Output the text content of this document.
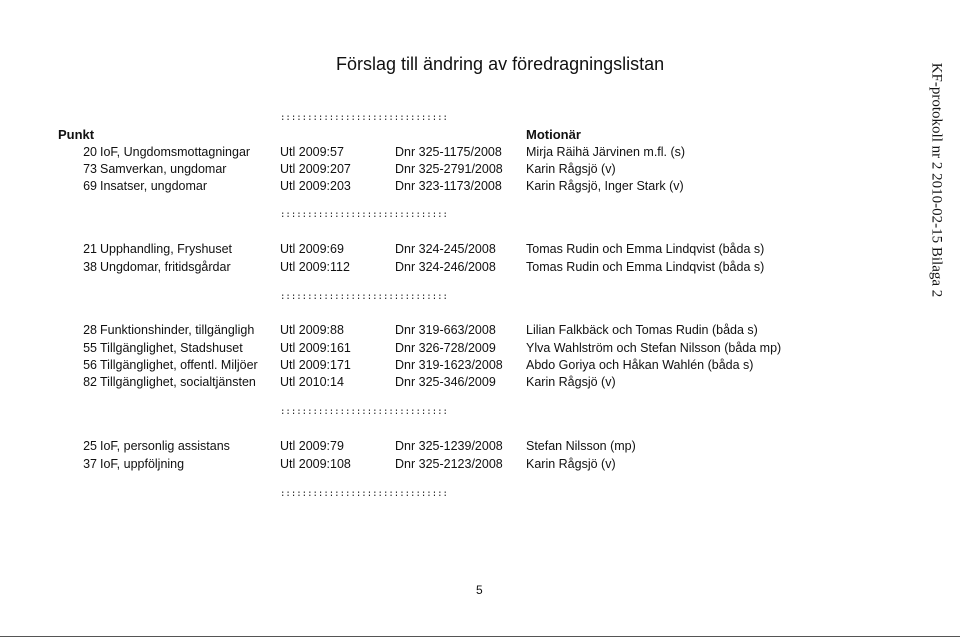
Förslag till ändring av föredragningslistan	KF-protokoll nr 2 2010-02-15 Bilaga 2
Punkt	Motionär
:::::::::::::::::::::::::::::::
:::::::::::::::::::::::::::::::
:::::::::::::::::::::::::::::::
:::::::::::::::::::::::::::::::
:::::::::::::::::::::::::::::::
20 IoF, Ungdomsmottagningar Utl 2009:57	Dnr 325-1175/2008 Mirja Räihä Järvinen m.fl. (s)
73 Samverkan, ungdomar	Utl 2009:207	Dnr 325-2791/2008 Karin Rågsjö (v)
69 Insatser, ungdomar	Utl 2009:203	Dnr 323-1173/2008 Karin Rågsjö, Inger Stark (v)
21 Upphandling, Fryshuset	Utl 2009:69	Dnr 324-245/2008 Tomas Rudin och Emma Lindqvist (båda s)
38 Ungdomar, fritidsgårdar	Utl 2009:112	Dnr 324-246/2008 Tomas Rudin och Emma Lindqvist (båda s)
28 Funktionshinder, tillgängligh Utl 2009:88	Dnr 319-663/2008 Lilian Falkbäck och Tomas Rudin (båda s)
55 Tillgänglighet, Stadshuset	Utl 2009:161	Dnr 326-728/2009 Ylva Wahlström och Stefan Nilsson (båda mp)
56 Tillgänglighet, offentl. Miljöer Utl 2009:171	Dnr 319-1623/2008 Abdo Goriya och Håkan Wahlén (båda s)
82 Tillgänglighet, socialtjänsten Utl 2010:14	Dnr 325-346/2009 Karin Rågsjö (v)
25 IoF, personlig assistans	Utl 2009:79	Dnr 325-1239/2008 Stefan Nilsson (mp)
37 IoF, uppföljning	Utl 2009:108	Dnr 325-2123/2008 Karin Rågsjö (v)
5
